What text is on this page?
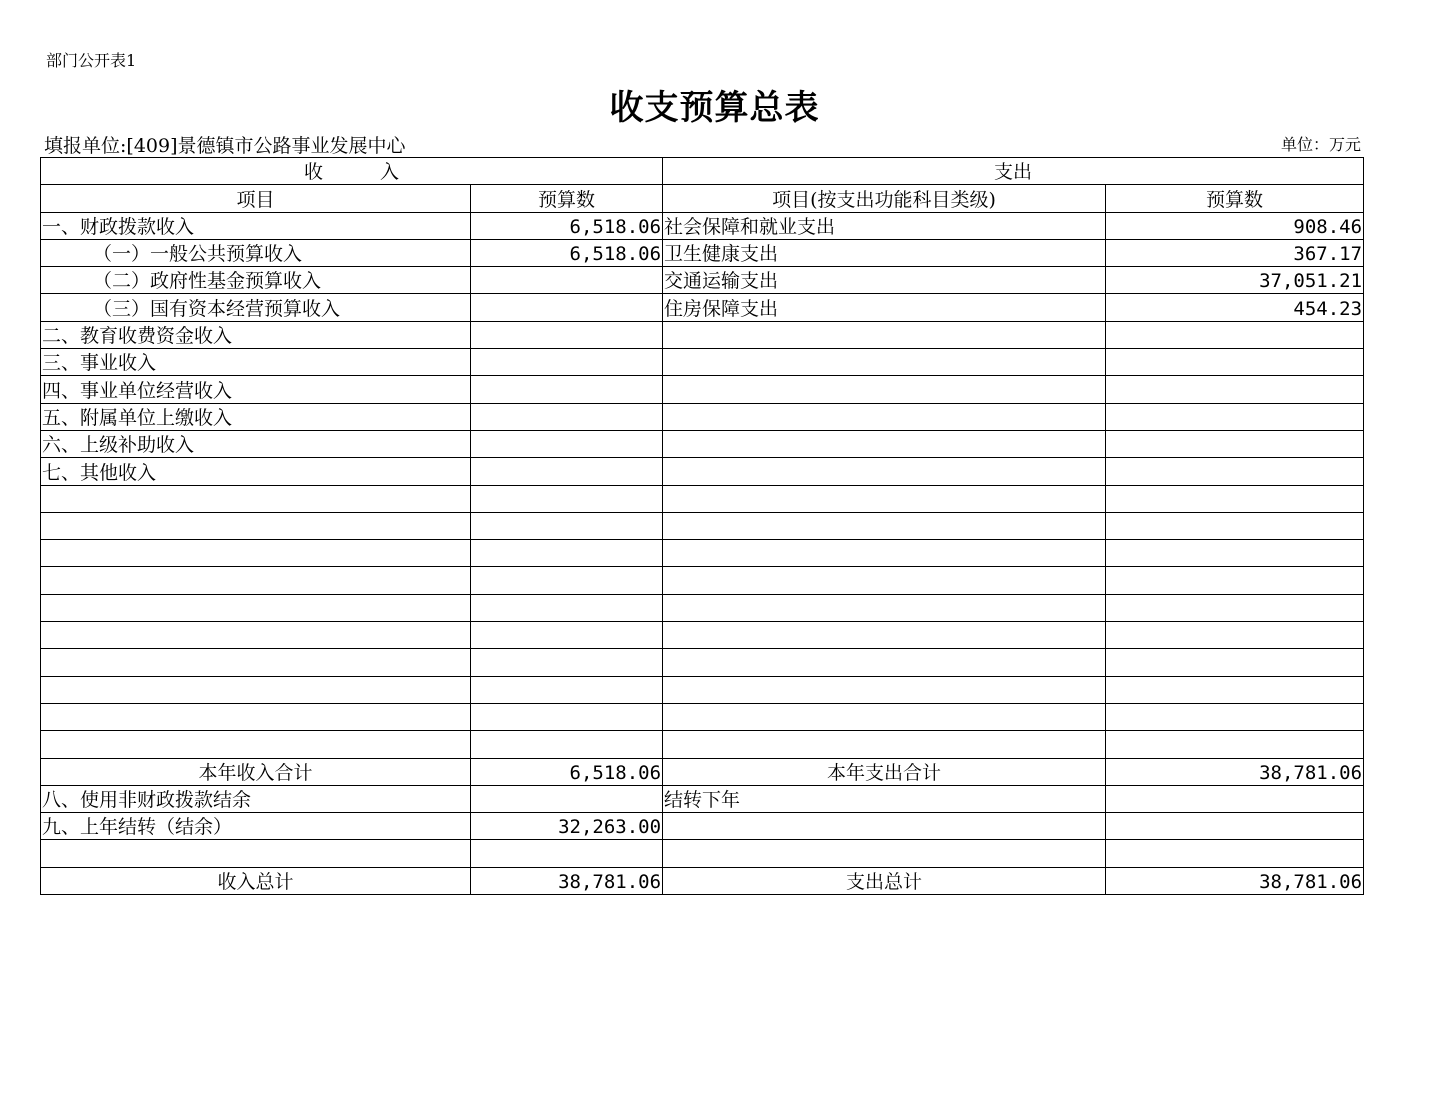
部门公开表1
收支预算总表
填报单位:[409]景德镇市公路事业发展中心	单位：万元
收　　　入		支出	
项目	预算数	项目(按支出功能科目类级)	预算数
一、财政拨款收入	6,518.06	社会保障和就业支出	908.46
（一）一般公共预算收入	6,518.06	卫生健康支出	367.17
（二）政府性基金预算收入		交通运输支出	37,051.21
（三）国有资本经营预算收入		住房保障支出	454.23
二、教育收费资金收入			
三、事业收入			
四、事业单位经营收入			
五、附属单位上缴收入			
六、上级补助收入			
七、其他收入			

本年收入合计	6,518.06	本年支出合计	38,781.06
八、使用非财政拨款结余		结转下年	
九、上年结转（结余）	32,263.00		

收入总计	38,781.06	支出总计	38,781.06
